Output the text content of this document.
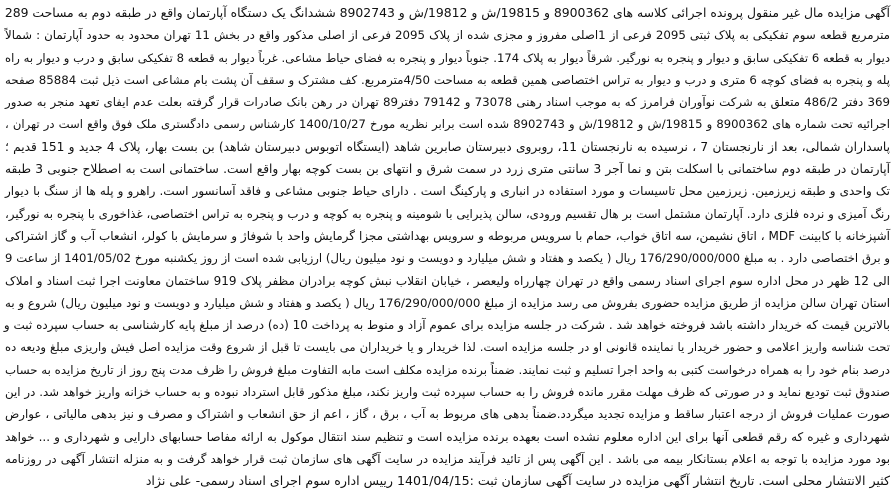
آگهی مزایده مال غیر منقول پرونده اجرائی کلاسه های 8900362 و 19815/ش و 19812/ش و 8902743 ششدانگ یک دستگاه آپارتمان واقع در طبقه دوم به مساحت 289
مترمربع قطعه سوم تفکیکی به پلاک ثبتی 2095 فرعی از 1اصلی مفروز و مجزی شده از پلاک 2095 فرعی از اصلی مذکور واقع در بخش 11 تهران محدود به حدود آپارتمان : شمالاً
دیوار به قطعه 6 تفکیکی سابق و دیوار و پنجره به نورگیر. شرقاً دیوار به پلاک 174. جنوباً دیوار و پنجره به فضای حیاط مشاعی. غرباً دیوار به قطعه 8 تفکیکی سابق و درب و دیوار به راه
پله و پنجره به فضای کوچه 6 متری و درب و دیوار به تراس اختصاصی همین قطعه به مساحت 4/50مترمربع. کف مشترک و سقف آن پشت بام مشاعی است ذیل ثبت 85884 صفحه
369 دفتر 486/2 متعلق به شرکت نوآوران فرامرز که به موجب اسناد رهنی 73078 و 79142 دفتر89 تهران در رهن بانک صادرات قرار گرفته بعلت عدم ایفای تعهد منجر به صدور
اجرائیه تحت شماره های 8900362 و 19815/ش و 19812/ش و 8902743 شده است برابر نظریه مورخ 1400/10/27 کارشناس رسمی دادگستری ملک فوق واقع است در تهران ،
پاسداران شمالی، بعد از نارنجستان 7 ، نرسیده به نارنجستان 11، روبروی دبیرستان صابرین شاهد (ایستگاه اتوبوس دبیرستان شاهد) بن بست بهار، پلاک 4 جدید و 151 قدیم ؛
آپارتمان در طبقه دوم ساختمانی با اسکلت بتن و نما آجر 3 سانتی متری زرد در سمت شرق و انتهای بن بست کوچه بهار واقع است. ساختمانی است به اصطلاح جنوبی 3 طبقه
تک واحدی و طبقه زیرزمین. زیرزمین محل تاسیسات و مورد استفاده در انباری و پارکینگ است . دارای حیاط جنوبی مشاعی و فاقد آسانسور است. راهرو و پله ها از سنگ با دیوار
رنگ آمیزی و نرده فلزی دارد. آپارتمان مشتمل است بر هال تقسیم ورودی، سالن پذیرایی با شومینه و پنجره به کوچه و درب و پنجره به تراس اختصاصی، غذاخوری با پنجره به نورگیر،
آشپزخانه با کابینت MDF ، اتاق نشیمن، سه اتاق خواب، حمام با سرویس مربوطه و سرویس بهداشتی مجزا گرمایش واحد با شوفاژ و سرمایش با کولر، انشعاب آب و گاز اشتراکی
و برق اختصاصی دارد . به مبلغ 176/290/000/000 ریال ( یکصد و هفتاد و شش میلیارد و دویست و نود میلیون ریال) ارزیابی شده است از روز یکشنبه مورخ 1401/05/02 از ساعت 9
الی 12 ظهر در محل اداره سوم اجرای اسناد رسمی واقع در تهران چهارراه ولیعصر ، خیابان انقلاب نبش کوچه برادران مظفر پلاک 919 ساختمان معاونت اجرا ثبت اسناد و املاک
استان تهران سالن مزایده از طریق مزایده حضوری بفروش می رسد مزایده از مبلغ 176/290/000/000 ریال ( یکصد و هفتاد و شش میلیارد و دویست و نود میلیون ریال) شروع و به
بالاترین قیمت که خریدار داشته باشد فروخته خواهد شد . شرکت در جلسه مزایده برای عموم آزاد و منوط به پرداخت 10 (ده) درصد از مبلغ پایه کارشناسی به حساب سپرده ثبت و
تحت شناسه واریز اعلامی و حضور خریدار یا نماینده قانونی او در جلسه مزایده است. لذا خریدار و یا خریداران می بایست تا قبل از شروع وقت مزایده اصل فیش واریزی مبلغ ودیعه ده
درصد بنام خود را به همراه درخواست کتبی به واحد اجرا تسلیم و ثبت نمایند. ضمناً برنده مزایده مکلف است مابه التفاوت مبلغ فروش را ظرف مدت پنج روز از تاریخ مزایده به حساب
صندوق ثبت تودیع نماید و در صورتی که ظرف مهلت مقرر مانده فروش را به حساب سپرده ثبت واریز نکند، مبلغ مذکور قابل استرداد نبوده و به حساب خزانه واریز خواهد شد. در این
صورت عملیات فروش از درجه اعتبار ساقط و مزایده تجدید میگردد.ضمناً بدهی های مربوط به آب ، برق ، گاز ، اعم از حق انشعاب و اشتراک و مصرف و نیز بدهی مالیاتی ، عوارض
شهرداری و غیره که رقم قطعی آنها برای این اداره معلوم نشده است بعهده برنده مزایده است و تنظیم سند انتقال موکول به ارائه مفاصا حسابهای دارایی و شهرداری و ... خواهد
بود مورد مزایده با توجه به اعلام بستانکار بیمه می باشد . این آگهی پس از تائید فرآیند مزایده در سایت آگهی های سازمان ثبت قرار خواهد گرفت و به منزله انتشار آگهی در روزنامه
کثیر الانتشار محلی است. تاریخ انتشار آگهی مزایده در سایت آگهی سازمان ثبت :1401/04/15 رییس اداره سوم اجرای اسناد رسمی- علی نژاد
